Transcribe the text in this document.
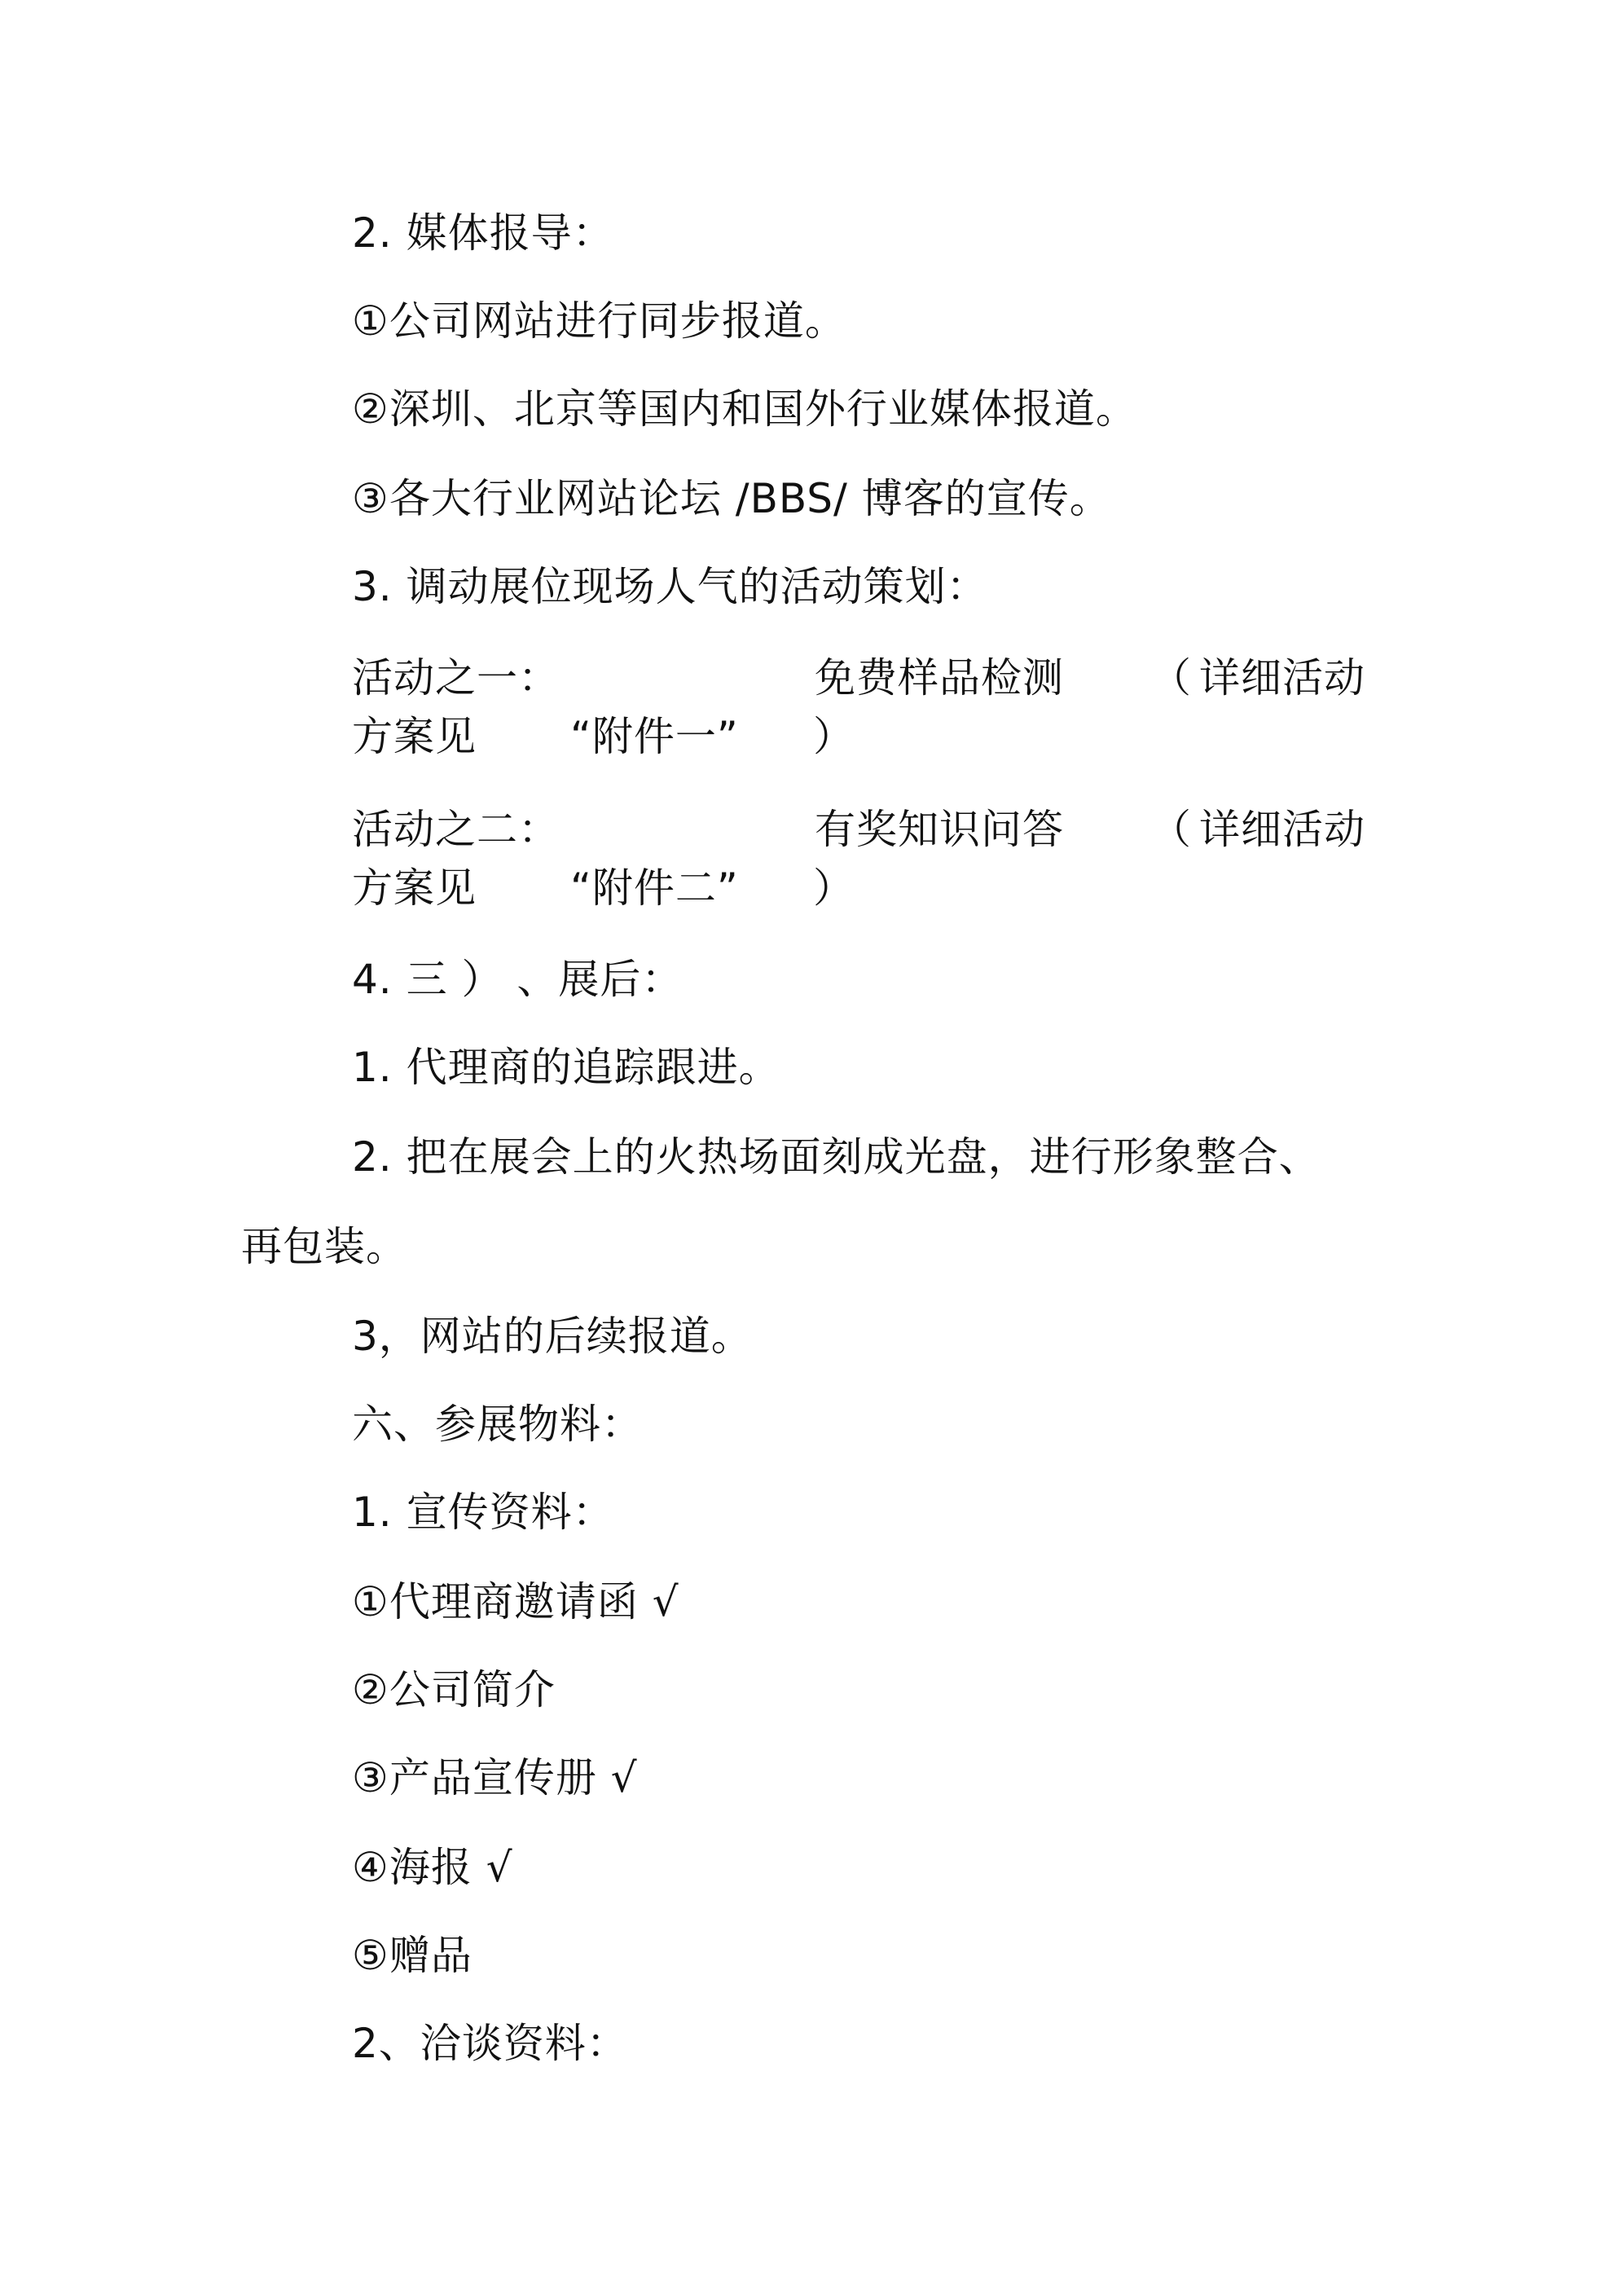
2. 媒体报导：
①公司网站进行同步报道。
②深圳、北京等国内和国外行业媒体报道。
③各大行业网站论坛 /BBS/ 博客的宣传。
3. 调动展位现场人气的活动策划：
活动之一：	免费样品检测 （ 详细活动
方案见 “附件一” ）
活动之二：	有奖知识问答 （ 详细活动
方案见 “附件二” ）
4. 三 ） 、展后：
1. 代理商的追踪跟进。
2. 把在展会上的火热场面刻成光盘，进行形象整合、
再包装。
3，网站的后续报道。
六、参展物料：
1. 宣传资料：
①代理商邀请函 √
②公司简介
③产品宣传册 √
④海报 √
⑤赠品
2、洽谈资料：
